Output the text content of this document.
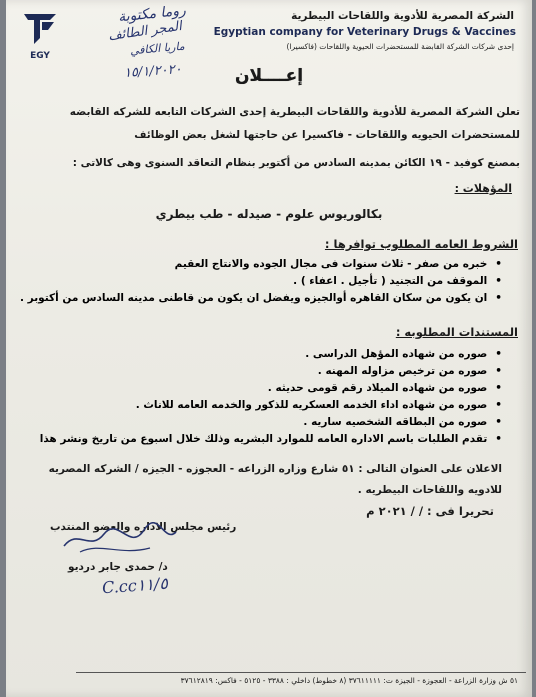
EGY
الشركة المصرية للأدوية واللقاحات البيطرية
Egyptian company for Veterinary Drugs & Vaccines
إحدى شركات الشركة القابضة للمستحضرات الحيوية واللقاحات (فاكسيرا)
روما مكتوبة
المجر الطائف
ماريا الكافي
١٥/١/٢٠٢٠	إعــــلان
تعلن الشركة المصرية للأدوية واللقاحات البيطرية إحدى الشركات التابعه للشركه القابضه
للمستحضرات الحيويه واللقاحات - فاكسيرا عن حاجتها لشغل بعض الوظائف
بمصنع كوفيد - ١٩ الكائن بمدينه السادس من أكتوبر بنظام التعاقد السنوى وهى كالاتى :
المؤهلات :
بكالوريوس علوم - صيدله - طب بيطري
الشروط العامه المطلوب توافرها :
• خبره من صفر - ثلاث سنوات فى مجال الجوده والانتاج العقيم
• الموقف من التجنيد ( تأجيل . اعفاء ) .
• ان يكون من سكان القاهره أوالجيزه ويفضل ان يكون من قاطنى مدينه السادس من أكتوبر .
المستندات المطلوبه :
• صوره من شهاده المؤهل الدراسى .
• صوره من ترخيص مزاوله المهنه .
• صوره من شهاده الميلاد رقم قومى حديثه .
• صوره من شهاده اداء الخدمه العسكريه للذكور والخدمه العامه للاناث .
• صوره من البطاقه الشخصيه ساريه .
• تقدم الطلبات باسم الاداره العامه للموارد البشريه وذلك خلال اسبوع من تاريخ ونشر هذا
الاعلان على العنوان التالى : ٥١ شارع وزاره الزراعه - العجوزه - الجيزه / الشركه المصريه
للادويه واللقاحات البيطريه .
تحريرا فى : / / ٢٠٢١ م
رئيس مجلس الاداره والعضو المنتدب
د/ حمدى جابر درديو
C.cc١١/٥
٥١ ش وزارة الزراعة - العجوزة - الجيزة ت: ٣٧٦١١١١١ (٨ خطوط) داخلي : ٣٣٨٨ - ٥١٢٥ - فاكس: ٣٧٦١٢٨١٩
